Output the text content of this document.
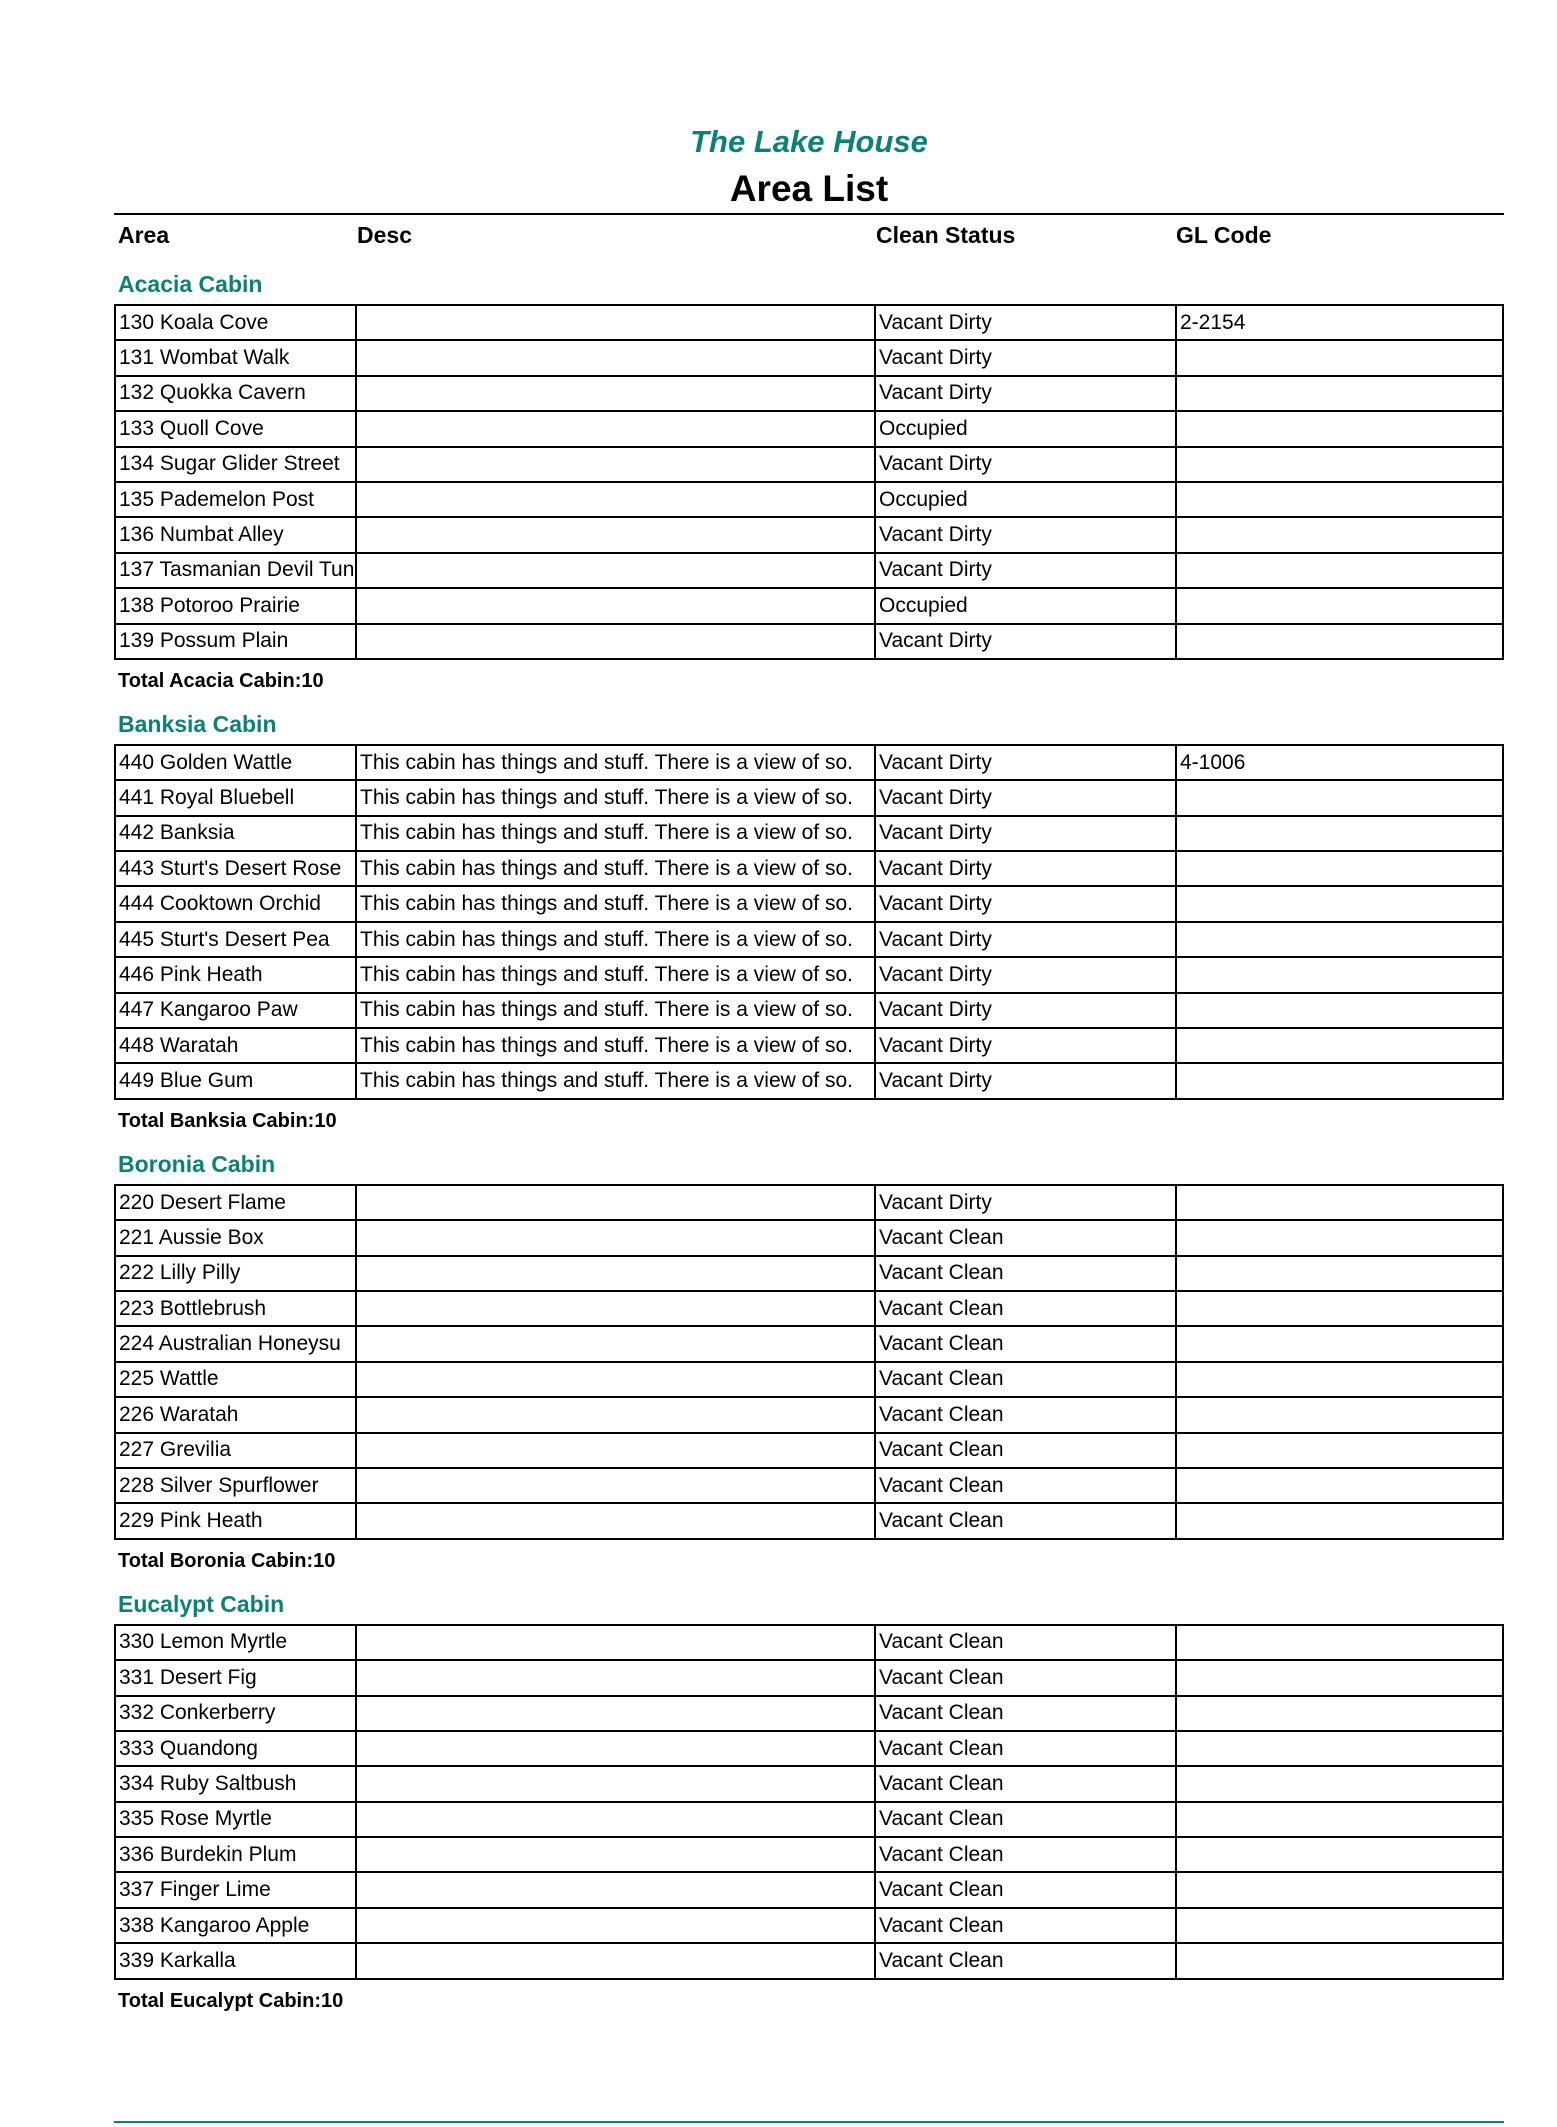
The Lake House
Area List
Area	Desc	Clean Status	GL Code
Acacia Cabin
130 Koala Cove		Vacant Dirty	2-2154
131 Wombat Walk		Vacant Dirty	
132 Quokka Cavern		Vacant Dirty	
133 Quoll Cove		Occupied	
134 Sugar Glider Street		Vacant Dirty	
135 Pademelon Post		Occupied	
136 Numbat Alley		Vacant Dirty	
137 Tasmanian Devil Tun		Vacant Dirty	
138 Potoroo Prairie		Occupied	
139 Possum Plain		Vacant Dirty	
Total Acacia Cabin:10
Banksia Cabin
440 Golden Wattle	This cabin has things and stuff. There is a view of so.	Vacant Dirty	4-1006
441 Royal Bluebell	This cabin has things and stuff. There is a view of so.	Vacant Dirty	
442 Banksia	This cabin has things and stuff. There is a view of so.	Vacant Dirty	
443 Sturt's Desert Rose	This cabin has things and stuff. There is a view of so.	Vacant Dirty	
444 Cooktown Orchid	This cabin has things and stuff. There is a view of so.	Vacant Dirty	
445 Sturt's Desert Pea	This cabin has things and stuff. There is a view of so.	Vacant Dirty	
446 Pink Heath	This cabin has things and stuff. There is a view of so.	Vacant Dirty	
447 Kangaroo Paw	This cabin has things and stuff. There is a view of so.	Vacant Dirty	
448 Waratah	This cabin has things and stuff. There is a view of so.	Vacant Dirty	
449 Blue Gum	This cabin has things and stuff. There is a view of so.	Vacant Dirty	
Total Banksia Cabin:10
Boronia Cabin
220 Desert Flame		Vacant Dirty	
221 Aussie Box		Vacant Clean	
222 Lilly Pilly		Vacant Clean	
223 Bottlebrush		Vacant Clean	
224 Australian Honeysu		Vacant Clean	
225 Wattle		Vacant Clean	
226 Waratah		Vacant Clean	
227 Grevilia		Vacant Clean	
228 Silver Spurflower		Vacant Clean	
229 Pink Heath		Vacant Clean	
Total Boronia Cabin:10
Eucalypt Cabin
330 Lemon Myrtle		Vacant Clean	
331 Desert Fig		Vacant Clean	
332 Conkerberry		Vacant Clean	
333 Quandong		Vacant Clean	
334 Ruby Saltbush		Vacant Clean	
335 Rose Myrtle		Vacant Clean	
336 Burdekin Plum		Vacant Clean	
337 Finger Lime		Vacant Clean	
338 Kangaroo Apple		Vacant Clean	
339 Karkalla		Vacant Clean	
Total Eucalypt Cabin:10
